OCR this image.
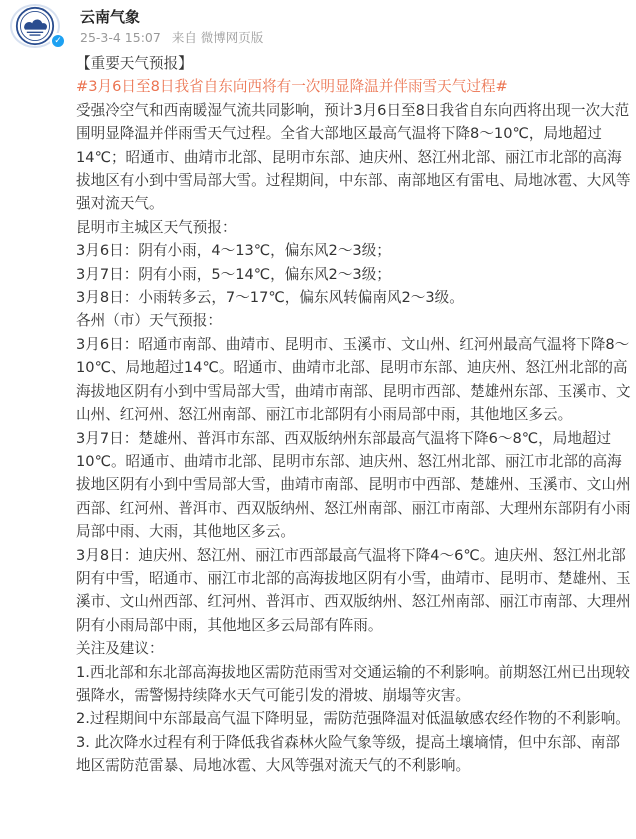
✓
云南气象
25-3-4 15:07 来自 微博网页版

【重要天气预报】

#3月6日至8日我省自东向西将有一次明显降温并伴雨雪天气过程#

受强冷空气和西南暖湿气流共同影响，预计3月6日至8日我省自东向西将出现一次大范围明显降温并伴雨雪天气过程。全省大部地区最高气温将下降8～10℃，局地超过14℃；昭通市、曲靖市北部、昆明市东部、迪庆州、怒江州北部、丽江市北部的高海拔地区有小到中雪局部大雪。过程期间，中东部、南部地区有雷电、局地冰雹、大风等强对流天气。

昆明市主城区天气预报：

3月6日：阴有小雨，4～13℃，偏东风2～3级；

3月7日：阴有小雨，5～14℃，偏东风2～3级；

3月8日：小雨转多云，7～17℃，偏东风转偏南风2～3级。

各州（市）天气预报：

3月6日：昭通市南部、曲靖市、昆明市、玉溪市、文山州、红河州最高气温将下降8～10℃、局地超过14℃。昭通市、曲靖市北部、昆明市东部、迪庆州、怒江州北部的高海拔地区阴有小到中雪局部大雪，曲靖市南部、昆明市西部、楚雄州东部、玉溪市、文山州、红河州、怒江州南部、丽江市北部阴有小雨局部中雨，其他地区多云。

3月7日：楚雄州、普洱市东部、西双版纳州东部最高气温将下降6～8℃，局地超过10℃。昭通市、曲靖市北部、昆明市东部、迪庆州、怒江州北部、丽江市北部的高海拔地区阴有小到中雪局部大雪，曲靖市南部、昆明市中西部、楚雄州、玉溪市、文山州西部、红河州、普洱市、西双版纳州、怒江州南部、丽江市南部、大理州东部阴有小雨局部中雨、大雨，其他地区多云。

3月8日：迪庆州、怒江州、丽江市西部最高气温将下降4～6℃。迪庆州、怒江州北部阴有中雪，昭通市、丽江市北部的高海拔地区阴有小雪，曲靖市、昆明市、楚雄州、玉溪市、文山州西部、红河州、普洱市、西双版纳州、怒江州南部、丽江市南部、大理州阴有小雨局部中雨，其他地区多云局部有阵雨。

关注及建议：

1.西北部和东北部高海拔地区需防范雨雪对交通运输的不利影响。前期怒江州已出现较强降水，需警惕持续降水天气可能引发的滑坡、崩塌等灾害。

2.过程期间中东部最高气温下降明显，需防范强降温对低温敏感农经作物的不利影响。

3. 此次降水过程有利于降低我省森林火险气象等级，提高土壤墒情，但中东部、南部地区需防范雷暴、局地冰雹、大风等强对流天气的不利影响。
